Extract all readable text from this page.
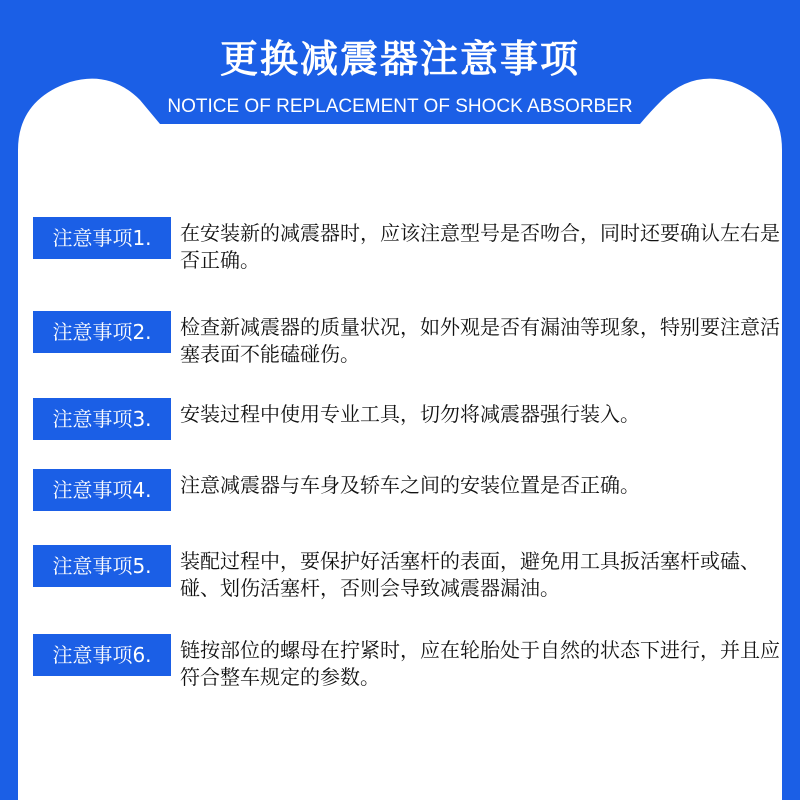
更换减震器注意事项
NOTICE OF REPLACEMENT OF SHOCK ABSORBER
注意事项1.	在安装新的减震器时，应该注意型号是否吻合，同时还要确认左右是否正确。
注意事项2.	检查新减震器的质量状况，如外观是否有漏油等现象，特别要注意活塞表面不能磕碰伤。
注意事项3.	安装过程中使用专业工具，切勿将减震器强行装入。
注意事项4.	注意减震器与车身及轿车之间的安装位置是否正确。
注意事项5.	装配过程中，要保护好活塞杆的表面，避免用工具扳活塞杆或磕、碰、划伤活塞杆，否则会导致减震器漏油。
注意事项6.	链按部位的螺母在拧紧时，应在轮胎处于自然的状态下进行，并且应符合整车规定的参数。
